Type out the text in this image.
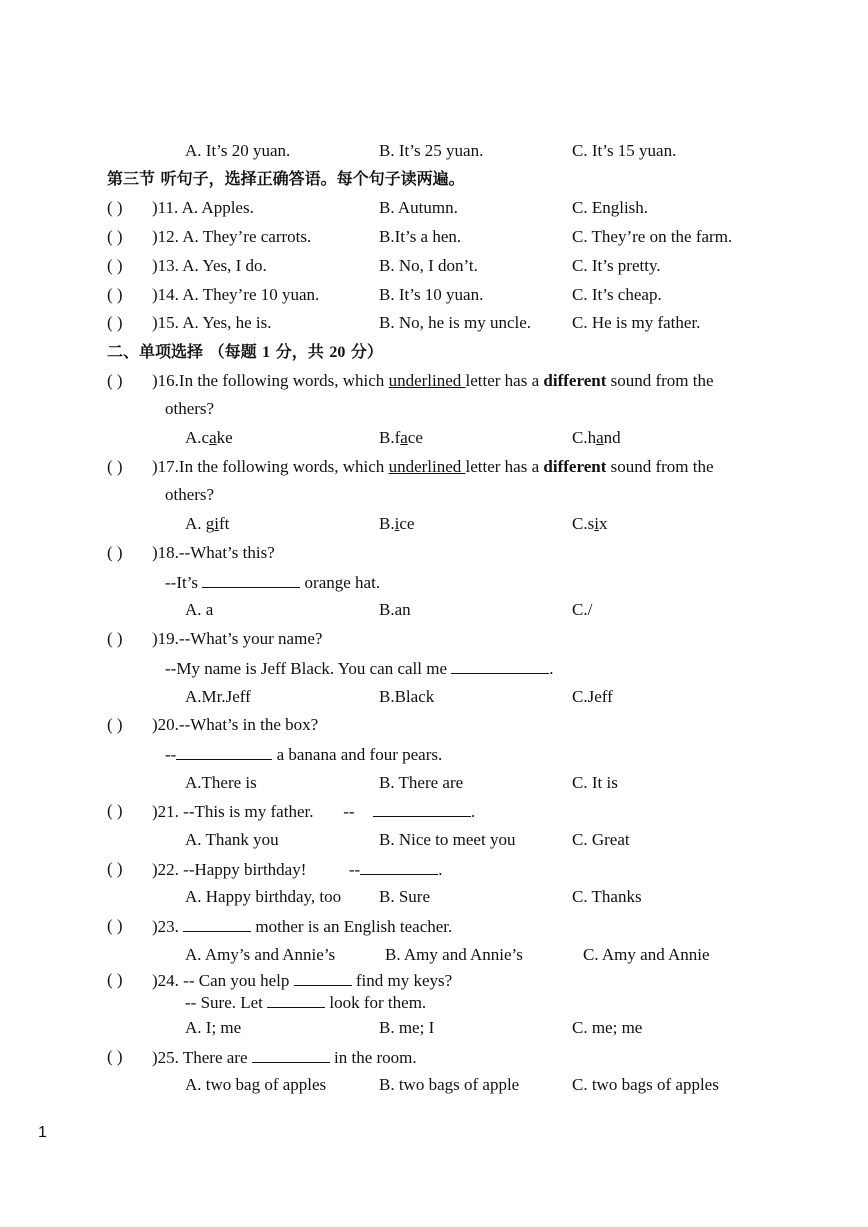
A. It’s 20 yuan.	B. It’s 25 yuan.	C. It’s 15 yuan.
第三节 听句子，选择正确答语。每个句子读两遍。
( ) )11. A. Apples.	B. Autumn.	C. English.
( ) )12. A. They’re carrots.	B.It’s a hen.	C. They’re on the farm.
( ) )13. A. Yes, I do.	B. No, I don’t.	C. It’s pretty.
( ) )14. A. They’re 10 yuan.	B. It’s 10 yuan.	C. It’s cheap.
( ) )15. A. Yes, he is.	B. No, he is my uncle. C. He is my father.
二、单项选择 （每题 1 分，共 20 分）
( ) )16.In the following words, which underlined letter has a different sound from the
others?
A.cake	B.face	C.hand
( ) )17.In the following words, which underlined letter has a different sound from the
others?
A. gift	B.ice	C.six
( ) )18.--What’s this?
--It’s	orange hat.
A. a	B.an	C./
( ) )19.--What’s your name?
--My name is Jeff Black. You can call me	.
A.Mr.Jeff	B.Black	C.Jeff
( ) )20.--What’s in the box?
--	a banana and four pears.
A.There is	B. There are	C. It is
( ) )21. --This is my father.       --	.
A. Thank you	B. Nice to meet you	C. Great
( ) )22. --Happy birthday!          --	.
A. Happy birthday, too B. Sure	C. Thanks
( ) )23.	mother is an English teacher.
A. Amy’s and Annie’s	B. Amy and Annie’s	C. Amy and Annie
( ) )24. -- Can you help	find my keys?
-- Sure. Let	look for them.
A. I; me	B. me; I	C. me; me
( ) )25. There are	in the room.
A. two bag of apples	B. two bags of apple	C. two bags of apples
1
